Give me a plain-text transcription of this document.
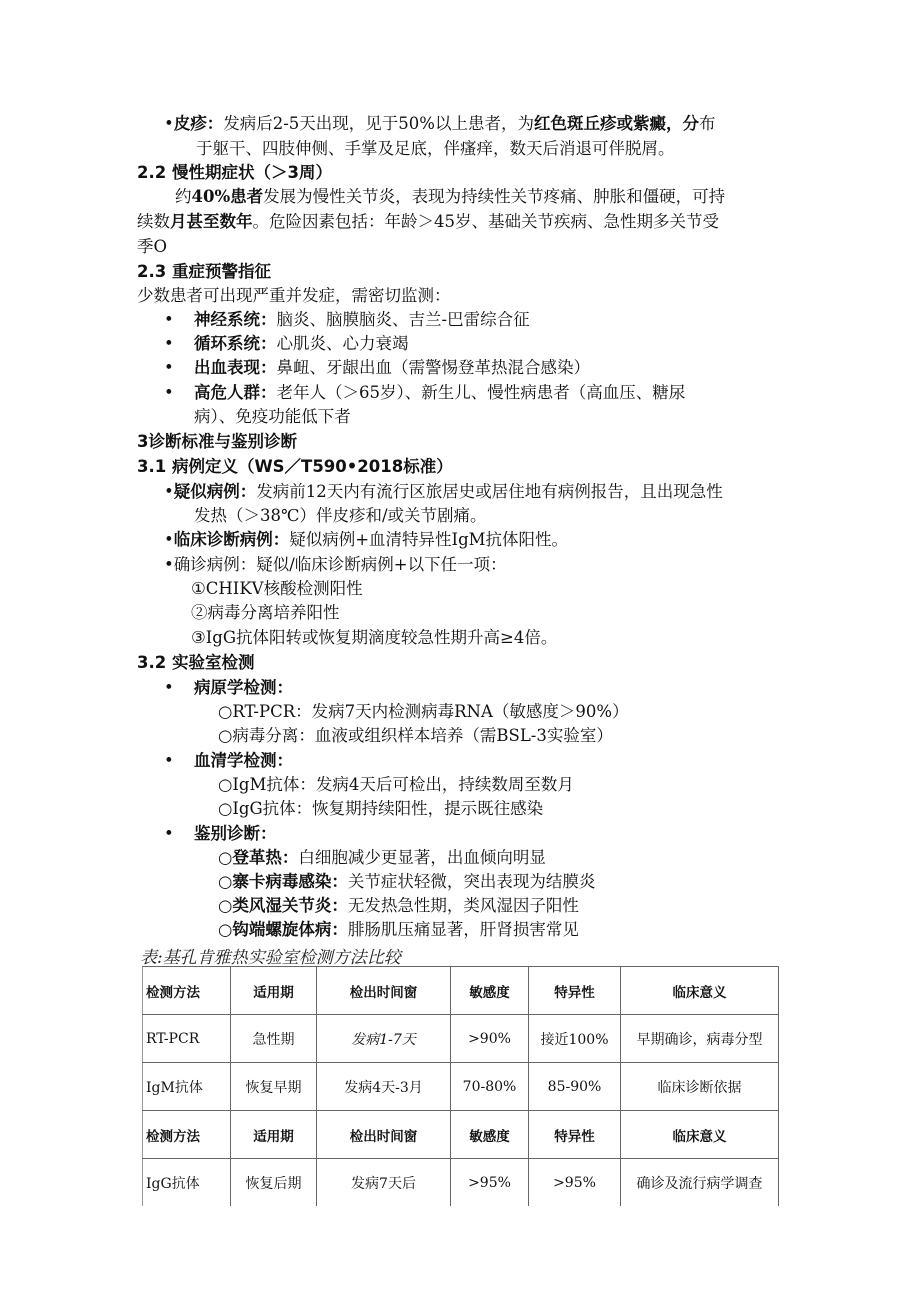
•皮疹：发病后2-5天出现，见于50%以上患者，为红色斑丘疹或紫癜，分布
于躯干、四肢伸侧、手掌及足底，伴瘙痒，数天后消退可伴脱屑。
2.2 慢性期症状（＞3周）
约40%患者发展为慢性关节炎，表现为持续性关节疼痛、肿胀和僵硬，可持
续数月甚至数年。危险因素包括：年龄＞45岁、基础关节疾病、急性期多关节受
季O
2.3 重症预警指征
少数患者可出现严重并发症，需密切监测：
• 神经系统：脑炎、脑膜脑炎、吉兰-巴雷综合征
• 循环系统：心肌炎、心力衰竭
• 出血表现：鼻衄、牙龈出血（需警惕登革热混合感染）
• 高危人群：老年人（＞65岁）、新生儿、慢性病患者（高血压、糖尿
病）、免疫功能低下者
3诊断标准与鉴别诊断
3.1 病例定义（WS／T590•2018标准）
•疑似病例：发病前12天内有流行区旅居史或居住地有病例报告，且出现急性
发热（＞38℃）伴皮疹和/或关节剧痛。
•临床诊断病例：疑似病例+血清特异性IgM抗体阳性。
•确诊病例：疑似/临床诊断病例+以下任一项：
①CHIKV核酸检测阳性
②病毒分离培养阳性
③IgG抗体阳转或恢复期滴度较急性期升高≥4倍。
3.2 实验室检测
• 病原学检测：
○RT-PCR：发病7天内检测病毒RNA（敏感度＞90%）
○病毒分离：血液或组织样本培养（需BSL-3实验室）
• 血清学检测：
○IgM抗体：发病4天后可检出，持续数周至数月
○IgG抗体：恢复期持续阳性，提示既往感染
• 鉴别诊断：
○登革热：白细胞减少更显著，出血倾向明显
○寨卡病毒感染：关节症状轻微，突出表现为结膜炎
○类风湿关节炎：无发热急性期，类风湿因子阳性
○钩端螺旋体病：腓肠肌压痛显著，肝肾损害常见
表:基孔肯雅热实验室检测方法比较
检测方法	适用期	检出时间窗	敏感度	特异性	临床意义
RT-PCR	急性期	发病1-7天	>90%	接近100%	早期确诊，病毒分型
IgM抗体	恢复早期	发病4天-3月	70-80%	85-90%	临床诊断依据
检测方法	适用期	检出时间窗	敏感度	特异性	临床意义
IgG抗体	恢复后期	发病7天后	>95%	>95%	确诊及流行病学调查
